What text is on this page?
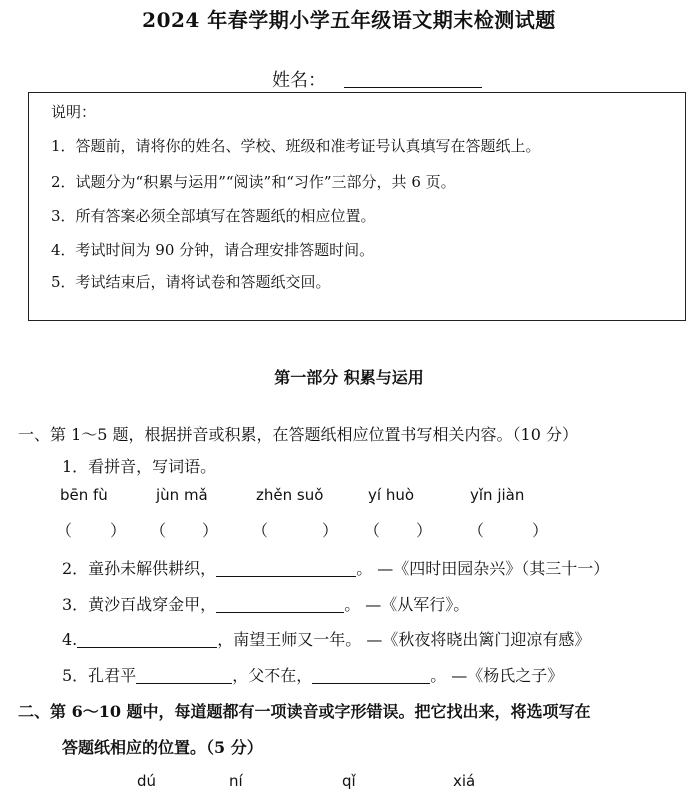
2024 年春学期小学五年级语文期末检测试题
姓名：
说明：
1．答题前，请将你的姓名、学校、班级和准考证号认真填写在答题纸上。
2．试题分为“积累与运用”“阅读”和“习作”三部分，共 6 页。
3．所有答案必须全部填写在答题纸的相应位置。
4．考试时间为 90 分钟，请合理安排答题时间。
5．考试结束后，请将试卷和答题纸交回。
第一部分 积累与运用
一、第 1～5 题，根据拼音或积累，在答题纸相应位置书写相关内容。（10 分）
1．看拼音，写词语。
bēn fù	jùn mǎ	zhěn suǒ	yí huò	yǐn jiàn
（ ） （ ） （	） （ ） （	）
2．童孙未解供耕织，	。 —《四时田园杂兴》（其三十一）
3．黄沙百战穿金甲，	。 —《从军行》。
4.	，南望王师又一年。 —《秋夜将晓出篱门迎凉有感》
5．孔君平	，父不在，	。 —《杨氏之子》
二、第 6～10 题中，每道题都有一项读音或字形错误。把它找出来，将选项写在
答题纸相应的位置。（5 分）
dú	ní	qǐ	xiá
